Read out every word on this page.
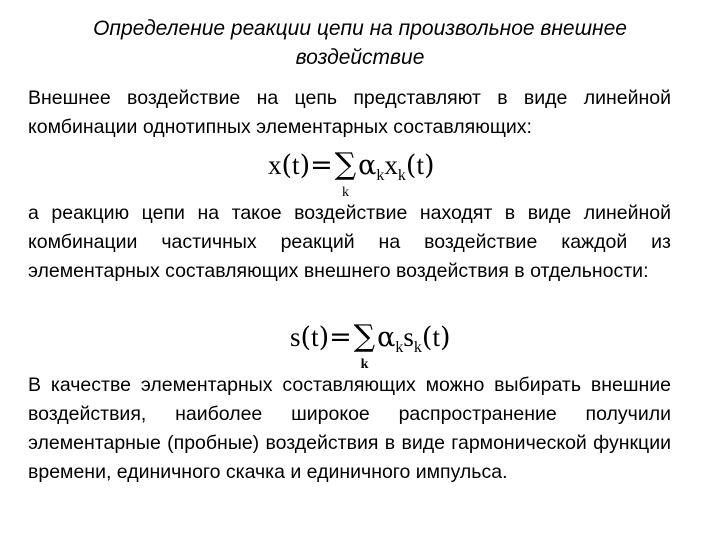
Определение реакции цепи на произвольное внешнее
воздействие
Внешнее воздействие на цепь представляют в виде линейной комбинации однотипных элементарных составляющих:
x(t)=∑
k
$\alpha_kx_k(t)$
а реакцию цепи на такое воздействие находят в виде линейной комбинации частичных реакций на воздействие каждой из элементарных составляющих внешнего воздействия в отдельности:
s(t)=∑
k
$\alpha_ks_k(t)$
В качестве элементарных составляющих можно выбирать внешние воздействия, наиболее широкое распространение получили элементарные (пробные) воздействия в виде гармонической функции времени, единичного скачка и единичного импульса.
